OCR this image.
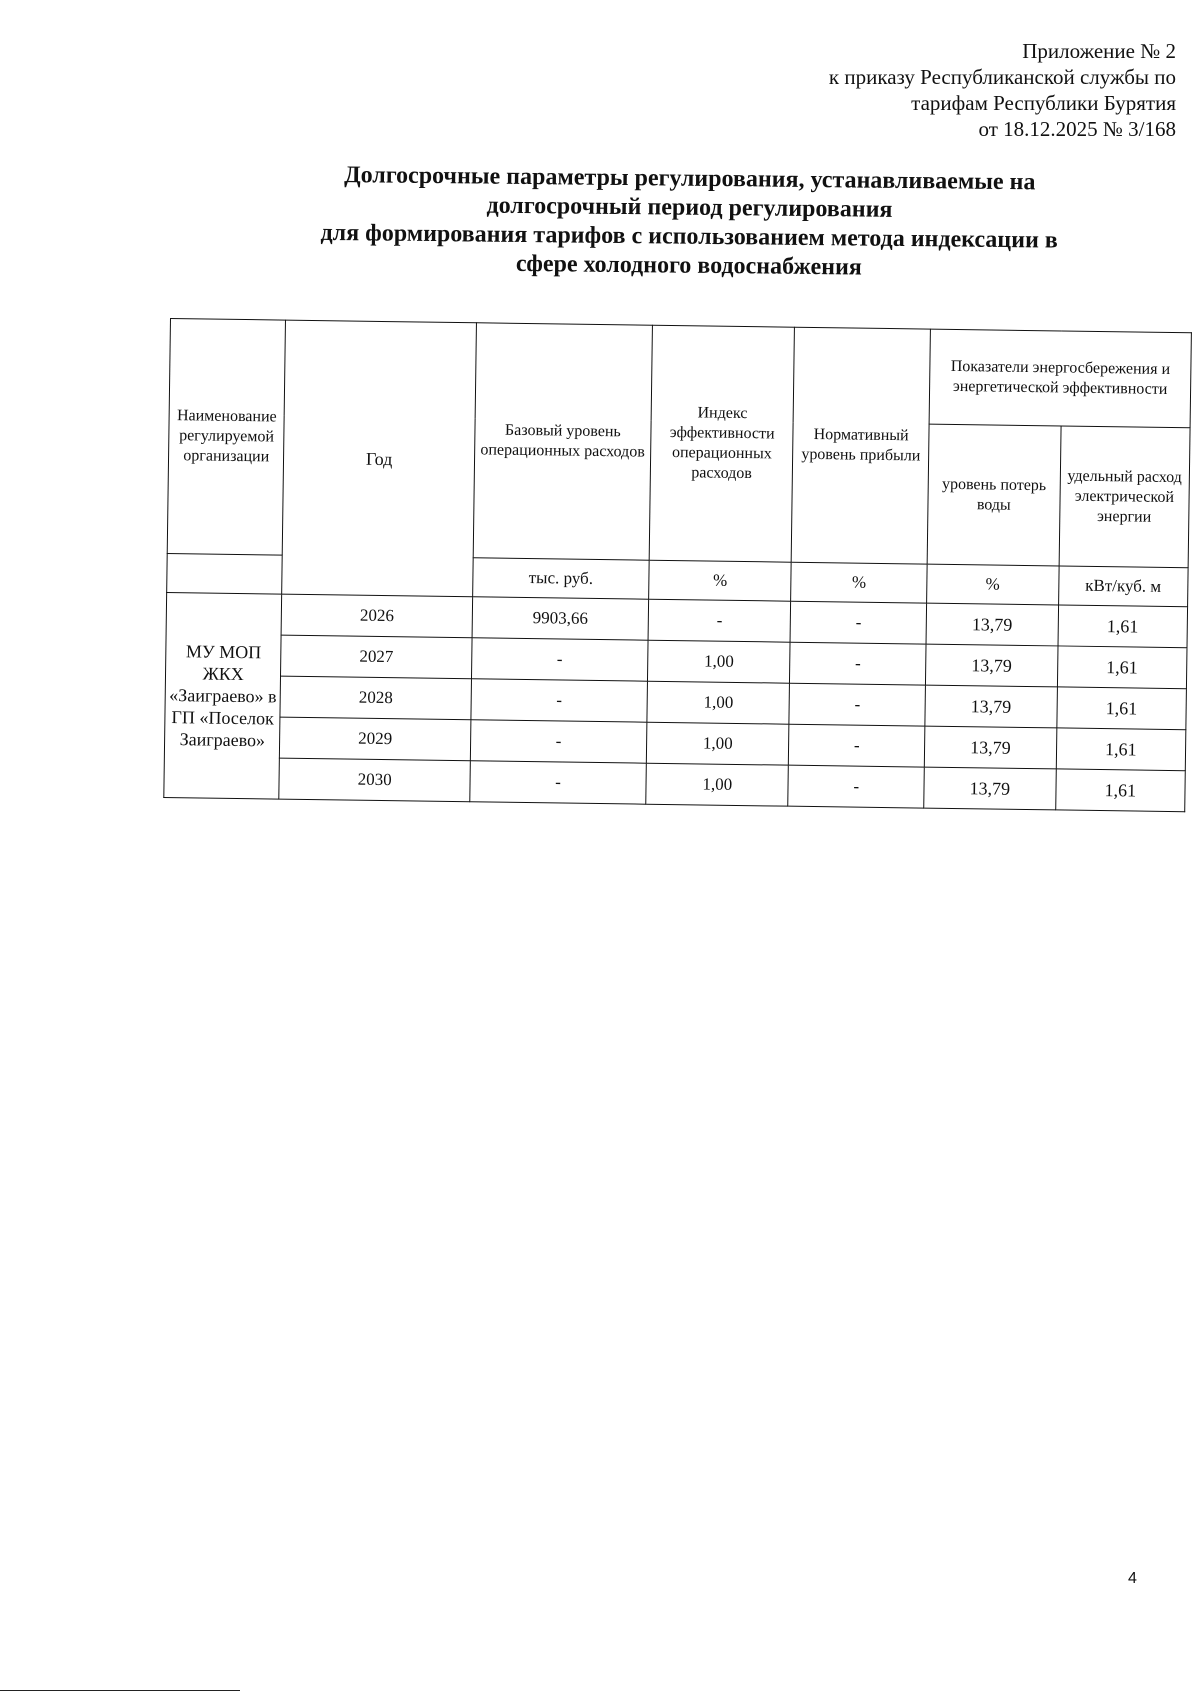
Приложение № 2
к приказу Республиканской службы по
тарифам Республики Бурятия
от 18.12.2025 № 3/168
Долгосрочные параметры регулирования, устанавливаемые на
долгосрочный период регулирования
для формирования тарифов с использованием метода индексации в
сфере холодного водоснабжения
Наименование регулируемой организации	Год	Базовый уровень операционных расходов	Индекс эффективности операционных расходов	Нормативный уровень прибыли	Показатели энергосбережения и энергетической эффективности	
					уровень потерь воды	удельный расход электрической энергии
		тыс. руб.	%	%	%	кВт/куб. м
МУ МОП ЖКХ «Заиграево» в ГП «Поселок Заиграево»	2026	9903,66	-	-	13,79	1,61
	2027	-	1,00	-	13,79	1,61
	2028	-	1,00	-	13,79	1,61
	2029	-	1,00	-	13,79	1,61
	2030	-	1,00	-	13,79	1,61
4
